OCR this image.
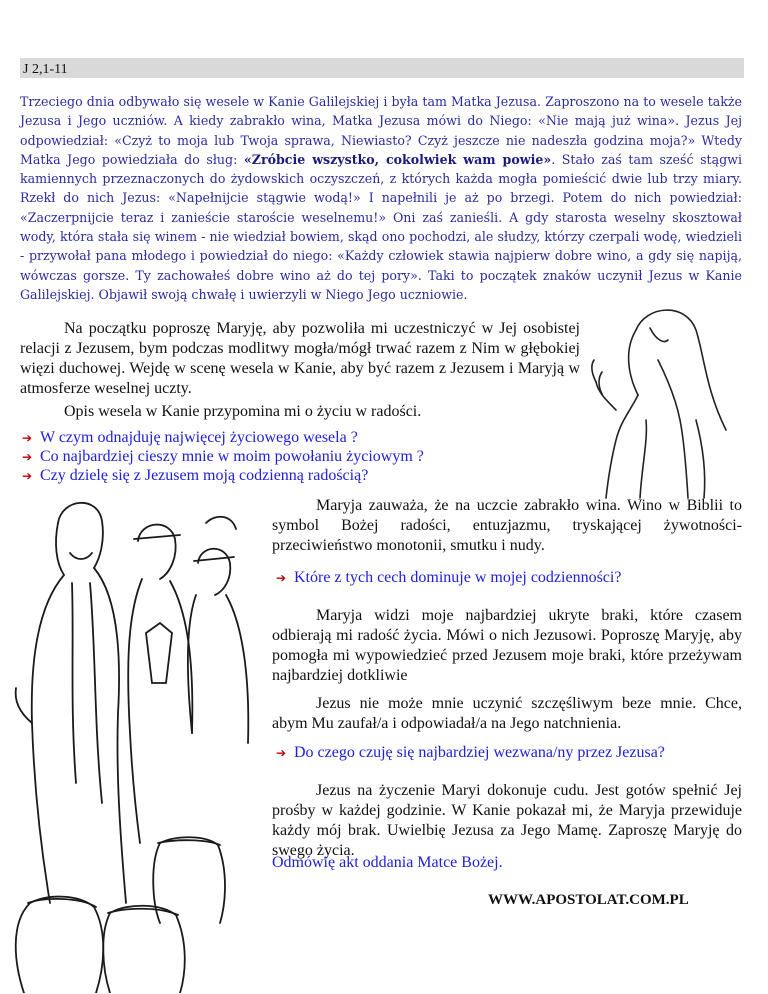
J 2,1-11
Trzeciego dnia odbywało się wesele w Kanie Galilejskiej i była tam Matka Jezusa. Zaproszono na to wesele także Jezusa i Jego uczniów. A kiedy zabrakło wina, Matka Jezusa mówi do Niego: «Nie mają już wina». Jezus Jej odpowiedział: «Czyż to moja lub Twoja sprawa, Niewiasto? Czyż jeszcze nie nadeszła godzina moja?» Wtedy Matka Jego powiedziała do sług: «Zróbcie wszystko, cokolwiek wam powie». Stało zaś tam sześć stągwi kamiennych przeznaczonych do żydowskich oczyszczeń, z których każda mogła pomieścić dwie lub trzy miary. Rzekł do nich Jezus: «Napełnijcie stągwie wodą!» I napełnili je aż po brzegi. Potem do nich powiedział: «Zaczerpnijcie teraz i zanieście staroście weselnemu!» Oni zaś zanieśli. A gdy starosta weselny skosztował wody, która stała się winem - nie wiedział bowiem, skąd ono pochodzi, ale słudzy, którzy czerpali wodę, wiedzieli - przywołał pana młodego i powiedział do niego: «Każdy człowiek stawia najpierw dobre wino, a gdy się napiją, wówczas gorsze. Ty zachowałeś dobre wino aż do tej pory». Taki to początek znaków uczynił Jezus w Kanie Galilejskiej. Objawił swoją chwałę i uwierzyli w Niego Jego uczniowie.
Na początku poproszę Maryję, aby pozwoliła mi uczestniczyć w Jej osobistej relacji z Jezusem, bym podczas modlitwy mogła/mógł trwać razem z Nim w głębokiej więzi duchowej. Wejdę w scenę wesela w Kanie, aby być razem z Jezusem i Maryją w atmosferze weselnej uczty.
Opis wesela w Kanie przypomina mi o życiu w radości.
➔ W czym odnajduję najwięcej życiowego wesela ?
➔ Co najbardziej cieszy mnie w moim powołaniu życiowym ?
➔ Czy dzielę się z Jezusem moją codzienną radością?
Maryja zauważa, że na uczcie zabrakło wina. Wino w Biblii to symbol Bożej radości, entuzjazmu, tryskającej żywotności- przeciwieństwo monotonii, smutku i nudy.
➔ Które z tych cech dominuje w mojej codzienności?
Maryja widzi moje najbardziej ukryte braki, które czasem odbierają mi radość życia. Mówi o nich Jezusowi. Poproszę Maryję, aby pomogła mi wypowiedzieć przed Jezusem moje braki, które przeżywam najbardziej dotkliwie
Jezus nie może mnie uczynić szczęśliwym beze mnie. Chce, abym Mu zaufał/a i odpowiadał/a na Jego natchnienia.
➔ Do czego czuję się najbardziej wezwana/ny przez Jezusa?
Jezus na życzenie Maryi dokonuje cudu. Jest gotów spełnić Jej prośby w każdej godzinie. W Kanie pokazał mi, że Maryja przewiduje każdy mój brak. Uwielbię Jezusa za Jego Mamę. Zaproszę Maryję do swego życia.
Odmówię akt oddania Matce Bożej.
WWW.APOSTOLAT.COM.PL
